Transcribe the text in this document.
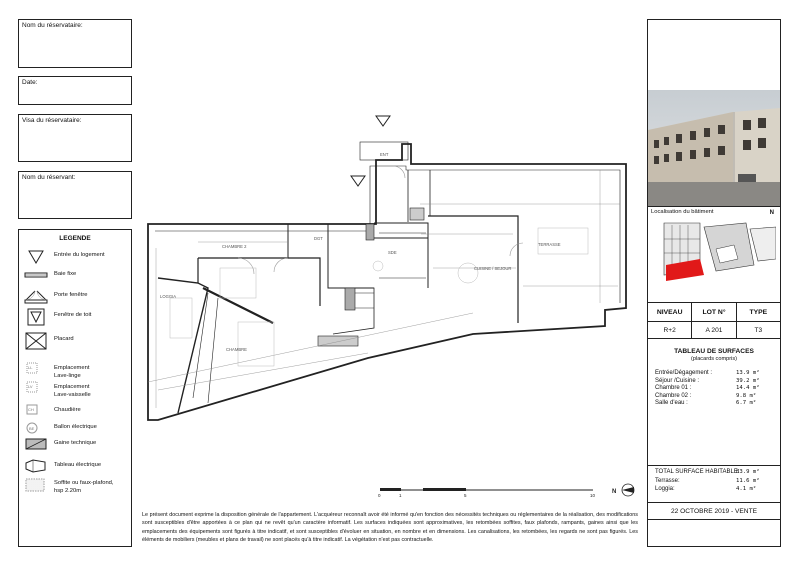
Nom du réservataire:
Date:
Visa du réservataire:
Nom du réservant:
LEGENDE
Entrée du logement
Baie fixe
Porte fenêtre
Fenêtre de toit
Placard
LL	Emplacement
Lave-linge
LV	Emplacement
Lave-vaisselle
CH	Chaudière
BE	Ballon électrique
Gaine technique
Tableau électrique
Soffite ou faux-plafond,
hsp 2.20m
LOGGIA
CHAMBRE 2
CHAMBRE
CUISINE / SEJOUR
TERRASSE
DGT
SDE
ENT
0	1	5	10
N
Le présent document exprime la disposition générale de l'appartement. L'acquéreur reconnaît avoir été informé qu'en fonction des nécessités techniques ou réglementaires de la réalisation, des modifications sont susceptibles d'être apportées à ce plan qui ne revêt qu'un caractère informatif. Les surfaces indiquées sont approximatives, les retombées soffites, faux plafonds, rampants, gaines ainsi que les emplacements des équipements sont figurés à titre indicatif, et sont susceptibles d'évoluer en situation, en nombre et en dimensions. Les canalisations, les retombées, les regards ne sont pas figurés. Les éléments de mobiliers (meubles et plans de travail) ne sont placés qu'à titre indicatif. La végétation n'est pas contractuelle.
Localisation du bâtiment	N
NIVEAU	LOT N°	TYPE
R+2	A 201	T3
TABLEAU DE SURFACES
(placards compris)
Entrée/Dégagement :	13.9 m²
Séjour /Cuisine :	39.2 m²
Chambre 01 :	14.4 m²
Chambre 02 :	9.8 m²
Salle d'eau :	6.7 m²
TOTAL SURFACE HABITABLE:
83.9 m²
Terrasse:	11.6 m²
Loggia:	4.1 m²
22 OCTOBRE 2019 - VENTE
